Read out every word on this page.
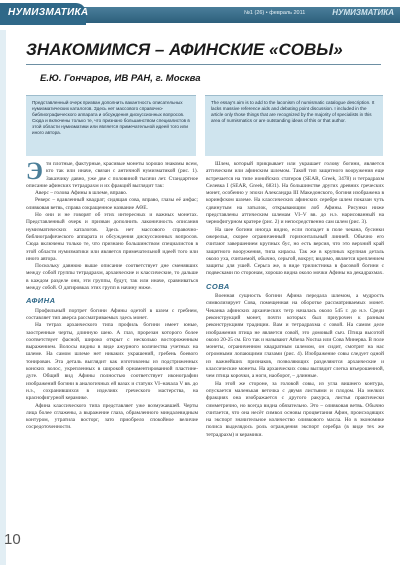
НУМИЗМАТИКА	№1 (26) • февраль 2011	НУМИЗМАТИКА
ЗНАКОМИМСЯ – АФИНСКИЕ «СОВЫ»
Е.Ю. Гончаров, ИВ РАН, г. Москва
Представленный очерк призван дополнить вакантность описательных нумизматических каталогов. Здесь нет массового справочно-библиографического аппарата и обсуждения дискуссионных вопросов. Сюда и включены только те, что признано большинством специалистов в этой области нумизматики или является примечательной идеей того или иного автора.
The essay's aim is to add to the laconism of numismatic catalogue description. It lacks massive reference aids and debating point discussion. I included in the article only those things that are recognized by the majority of specialists in this area of numismatics or are outstanding ideas of this or that author.

Эти плотные, фактурные, красивые монеты хорошо знакомы всем, кто так или иначе, связан с античной нумизматикой (рис. 1). Заказчику давно, уже две с половиной тысячи лет. Стандартное описание афинских тетрадрахм и их фракций выглядит так:

Аверс – голова Афины в шлеме, вправо.

Реверс – вдавленный квадрат; сидящая сова, вправо, глазы её анфас; оливковая ветвь, справа сокращенное название АΘЕ.

Но они и не говорят об этих интересных и важных монетах. Представленный очерк и призван дополнить лаконичность описания нумизматических каталогов. Здесь нет массового справочно-библиографического аппарата и обсуждения дискуссионных вопросов. Сюда включены только те, что признано большинством специалистов в этой области нумизматики или является примечательной идеей того или иного автора.

Поскольку давнюю выше описание соответствует дне сменявших между собой группы тетрадрахм, архаические и классические, то дальше в каждом разделе они, эти группы, будут, так или иначе, сравниваться между собой. О датировках этих групп в начину ниже.

АФИНА

Профильный портрет богини Афины одетой в шлем с гребнем, составляет тип аверса рассматриваемых здесь монет.

На тетрах архаического типа профиль богини имеет юные, заостренные черты, длинную шею. А глаз, прорезан которого более соответствует фасной, широко открыт с несколько востороженным выражением. Волосы видны в виде ажурного количества учетных на шлеме. На самом шлеме нет никаких украшений, гребень боевого тонирован. Эта деталь выглядит как изготовлены из подстриженных конских волос, укрепленных в широкой орнаментированной пластине-дуге. Общий вид Афины полностью соответствует иконографии изображений богини в аналогичных ей вазах и статуях VI–начала V вв. до н.э., сохранившихся в изделиях греческого мастерства, на краснофигурной керамике.

Афина классического типа представляет уже возмужавшей. Черты лица более сглажены, а выражение глаза, обрамленного миндалевидным контуром, утратила восторг, зато приобрело спокойное величие сосредоточенности.

Шлем, который прикрывает или украшает голову богини, является аттическим или афинским шлемом. Такой тип защитного вооружения еще встречается на типе ионийских статеров (SEAR, Greek, 3478) и тетрадрахм Селевка I (SEAR, Greek, 6831). На большинстве других древних греческих монет, особенно у эпохи Александра III Македонского, богиня изображена в коринфском шлеме. На классических афинских серебре шлем показан чуть сдвинутым на затылок, открывающим лоб Афины. Рисунки ниже представлены аттическим шлемам VI–V вв. до н.э. нарисованный на чернофигурном кратере (рис. 2) и непосредственно сам шлем (рис. 3).

На шее богини иногда видно, если попадет в поле чекана, бусинки ожерелья, скорее ограниченный горизонтальный линией. Обычно его считают завершением крупных бус, но есть версия, что это верхний край защитного вооружения, типа кирасы. Так же в крупных крупная деталь около уха, считаемой, обычно, серьгой, вокруг, видимо, является креплением защиты для ушей. Серьга же, в виде трилистника в фасовой богини с подвесками по сторонам, хорошо видна около мочки Афины на декадрахмах.

СОВА

Военная сущность богини Афина передала шлемом, а мудрость символизирует Сова, помещенная на оборотке рассматриваемых монет. Чеканка афинских архаических тетр началась около 545 г. до н.э. Среди реконструкций монет, почти которых был приурочен к разным реконструкциям традиции. Вам и тетрадрахма с совой. На самом деле изображения птица не является совой, это домовый сыч. Птица высотой около 20-25 см. Его так и называют Athena Noctua или Сова Минерва. В поле монеты, ограниченном квадратным шлемом, он сидит, смотрит на нас огромными лопающими глазами (рис. 4). Изображение совы следует одной из важнейших признаков, позволяющих разделяются архаические и классические монеты. На архаических совы выглядит слегка взъерошенной, чем птица корочки, а ноги, наоборот, – длинные.

На этой же стороне, за головой совы, из угла вишнего контура, опускается маленькая веточка с двумя листьями и плодом. На мелких фракциях она изображается с другого ракурса, листья практически симметрично, но всегда видна обязательно. Это – оливковая ветвь. Обычно считается, что она несёт символ основы процветания Афин, происходящих на экспорт значительное количество оливкового масла. Но в экономике полиса выделядось роль ограждения экспорт серебра (в виде тех же тетрадрахм) и керамики.

10
